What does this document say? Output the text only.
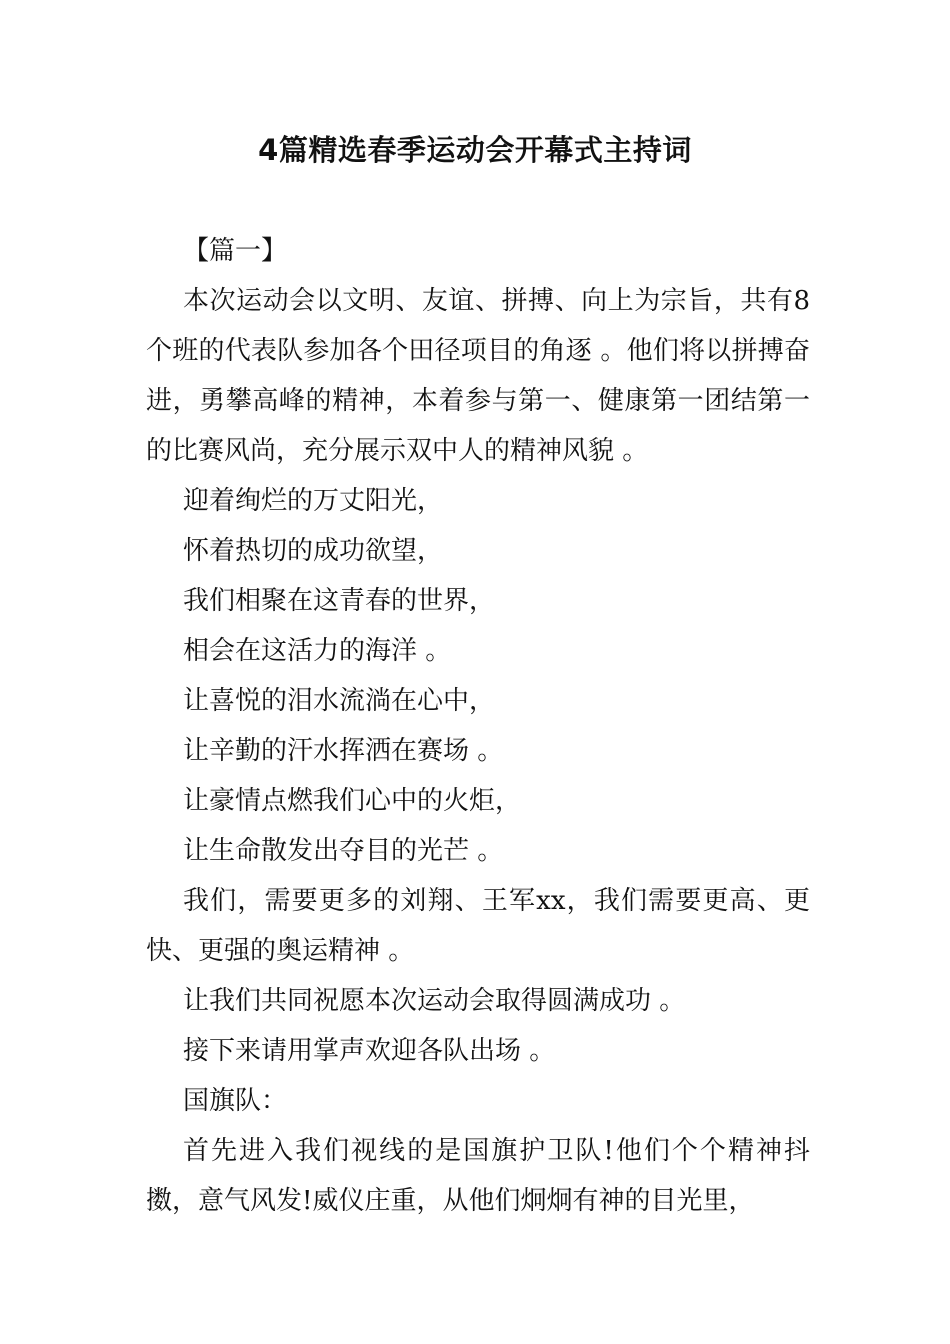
4篇精选春季运动会开幕式主持词

【篇一】

本次运动会以文明、友谊、拼搏、向上为宗旨，共有8个班的代表队参加各个田径项目的角逐 。他们将以拼搏奋进，勇攀高峰的精神，本着参与第一、健康第一团结第一的比赛风尚，充分展示双中人的精神风貌 。

迎着绚烂的万丈阳光，

怀着热切的成功欲望，

我们相聚在这青春的世界，

相会在这活力的海洋 。

让喜悦的泪水流淌在心中，

让辛勤的汗水挥洒在赛场 。

让豪情点燃我们心中的火炬，

让生命散发出夺目的光芒 。

我们，需要更多的刘翔、王军xx，我们需要更高、更快、更强的奥运精神 。

让我们共同祝愿本次运动会取得圆满成功 。

接下来请用掌声欢迎各队出场 。

国旗队：

首先进入我们视线的是国旗护卫队!他们个个精神抖擞，意气风发!威仪庄重，从他们炯炯有神的目光里，
